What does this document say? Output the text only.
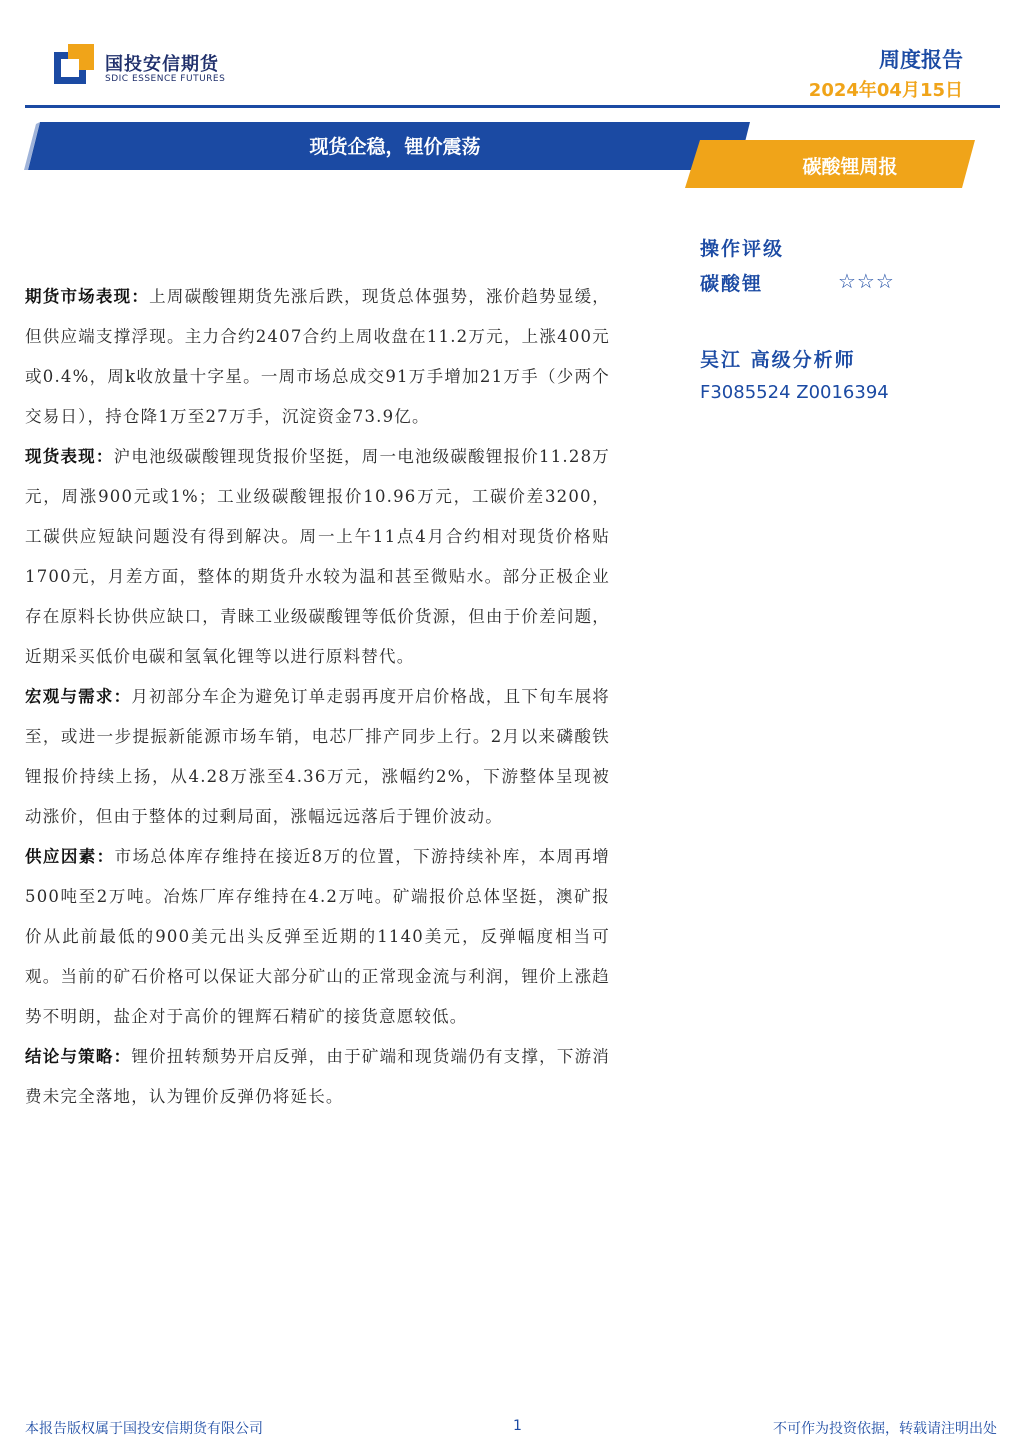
国投安信期货
SDIC ESSENCE FUTURES
周度报告
2024年04月15日
现货企稳，锂价震荡
碳酸锂周报

期货市场表现：上周碳酸锂期货先涨后跌，现货总体强势，涨价趋势显缓，但供应端支撑浮现。主力合约2407合约上周收盘在11.2万元，上涨400元或0.4%，周k收放量十字星。一周市场总成交91万手增加21万手（少两个交易日），持仓降1万至27万手，沉淀资金73.9亿。

现货表现：沪电池级碳酸锂现货报价坚挺，周一电池级碳酸锂报价11.28万元，周涨900元或1%；工业级碳酸锂报价10.96万元，工碳价差3200，工碳供应短缺问题没有得到解决。周一上午11点4月合约相对现货价格贴1700元，月差方面，整体的期货升水较为温和甚至微贴水。部分正极企业存在原料长协供应缺口，青睐工业级碳酸锂等低价货源，但由于价差问题，近期采买低价电碳和氢氧化锂等以进行原料替代。

宏观与需求：月初部分车企为避免订单走弱再度开启价格战，且下旬车展将至，或进一步提振新能源市场车销，电芯厂排产同步上行。2月以来磷酸铁锂报价持续上扬，从4.28万涨至4.36万元，涨幅约2%，下游整体呈现被动涨价，但由于整体的过剩局面，涨幅远远落后于锂价波动。

供应因素：市场总体库存维持在接近8万的位置，下游持续补库，本周再增500吨至2万吨。冶炼厂库存维持在4.2万吨。矿端报价总体坚挺，澳矿报价从此前最低的900美元出头反弹至近期的1140美元，反弹幅度相当可观。当前的矿石价格可以保证大部分矿山的正常现金流与利润，锂价上涨趋势不明朗，盐企对于高价的锂辉石精矿的接货意愿较低。

结论与策略：锂价扭转颓势开启反弹，由于矿端和现货端仍有支撑，下游消费未完全落地，认为锂价反弹仍将延长。

操作评级
碳酸锂	☆☆☆
吴江 高级分析师
F3085524 Z0016394
本报告版权属于国投安信期货有限公司	1	不可作为投资依据，转载请注明出处
